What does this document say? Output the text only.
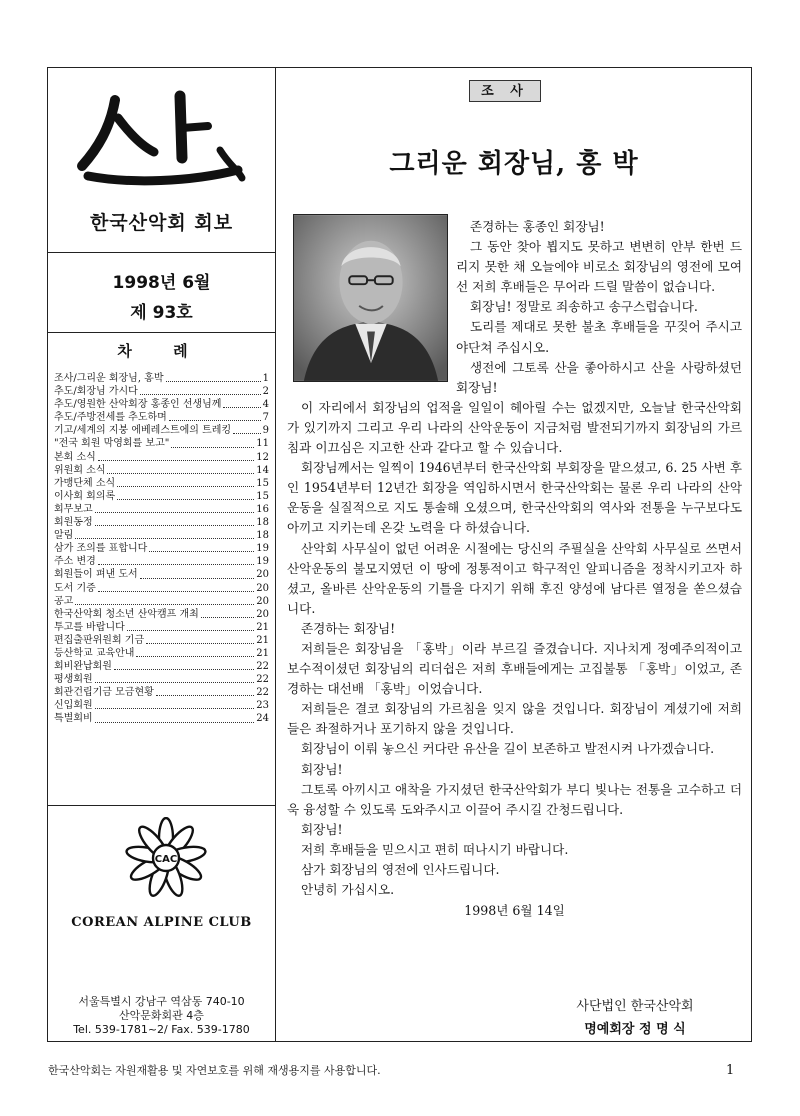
한국산악회 회보
1998년 6월
제 93호
차 례
조사/그리운 회장님, 홍박	1
추도/회장님 가시다	2
추도/영원한 산악회장 홍종인 선생님께	4
추도/주방전세를 추도하며	7
기고/세계의 지붕 에베레스트에의 트레킹	9
"전국 회원 막영회를 보고"	11
본회 소식	12
위원회 소식	14
가맹단체 소식	15
이사회 회의록	15
회무보고	16
회원동정	18
알림	18
삼가 조의를 표합니다	19
주소 변경	19
회원들이 펴낸 도서	20
도서 기증	20
공고	20
한국산악회 청소년 산악캠프 개최	20
투고를 바랍니다	21
편집출판위원회 기금	21
등산학교 교육안내	21
회비완납회원	22
평생회원	22
회관건립기금 모금현황	22
신입회원	23
특별회비	24
CAC
COREAN ALPINE CLUB
서울특별시 강남구 역삼동 740-10
산악문화회관 4층
Tel. 539-1781~2/ Fax. 539-1780
조 사
그리운 회장님, 홍 박

존경하는 홍종인 회장님!

그 동안 찾아 뵙지도 못하고 변변히 안부 한번 드리지 못한 채 오늘에야 비로소 회장님의 영전에 모여 선 저희 후배들은 무어라 드릴 말씀이 없습니다.

회장님! 정말로 죄송하고 송구스럽습니다.

도리를 제대로 못한 불초 후배들을 꾸짖어 주시고 야단쳐 주십시오.

생전에 그토록 산을 좋아하시고 산을 사랑하셨던 회장님!

이 자리에서 회장님의 업적을 일일이 헤아릴 수는 없겠지만, 오늘날 한국산악회가 있기까지 그리고 우리 나라의 산악운동이 지금처럼 발전되기까지 회장님의 가르침과 이끄심은 지고한 산과 같다고 할 수 있습니다.

회장님께서는 일찍이 1946년부터 한국산악회 부회장을 맡으셨고, 6. 25 사변 후인 1954년부터 12년간 회장을 역임하시면서 한국산악회는 물론 우리 나라의 산악운동을 실질적으로 지도 통솔해 오셨으며, 한국산악회의 역사와 전통을 누구보다도 아끼고 지키는데 온갖 노력을 다 하셨습니다.

산악회 사무실이 없던 어려운 시절에는 당신의 주필실을 산악회 사무실로 쓰면서 산악운동의 불모지였던 이 땅에 정통적이고 학구적인 알피니즘을 정착시키고자 하셨고, 올바른 산악운동의 기틀을 다지기 위해 후진 양성에 남다른 열정을 쏟으셨습니다.

존경하는 회장님!

저희들은 회장님을 「홍박」이라 부르길 즐겼습니다. 지나치게 정예주의적이고 보수적이셨던 회장님의 리더쉽은 저희 후배들에게는 고집불통 「홍박」이었고, 존경하는 대선배 「홍박」이었습니다.

저희들은 결코 회장님의 가르침을 잊지 않을 것입니다. 회장님이 계셨기에 저희들은 좌절하거나 포기하지 않을 것입니다.

회장님이 이뤄 놓으신 커다란 유산을 길이 보존하고 발전시켜 나가겠습니다.

회장님!

그토록 아끼시고 애착을 가지셨던 한국산악회가 부디 빛나는 전통을 고수하고 더욱 융성할 수 있도록 도와주시고 이끌어 주시길 간청드립니다.

회장님!

저희 후배들을 믿으시고 편히 떠나시기 바랍니다.

삼가 회장님의 영전에 인사드립니다.

안녕히 가십시오.

1998년 6월 14일
사단법인 한국산악회
명예회장 정 명 식
한국산악회는 자원재활용 및 자연보호를 위해 재생용지를 사용합니다.	1
